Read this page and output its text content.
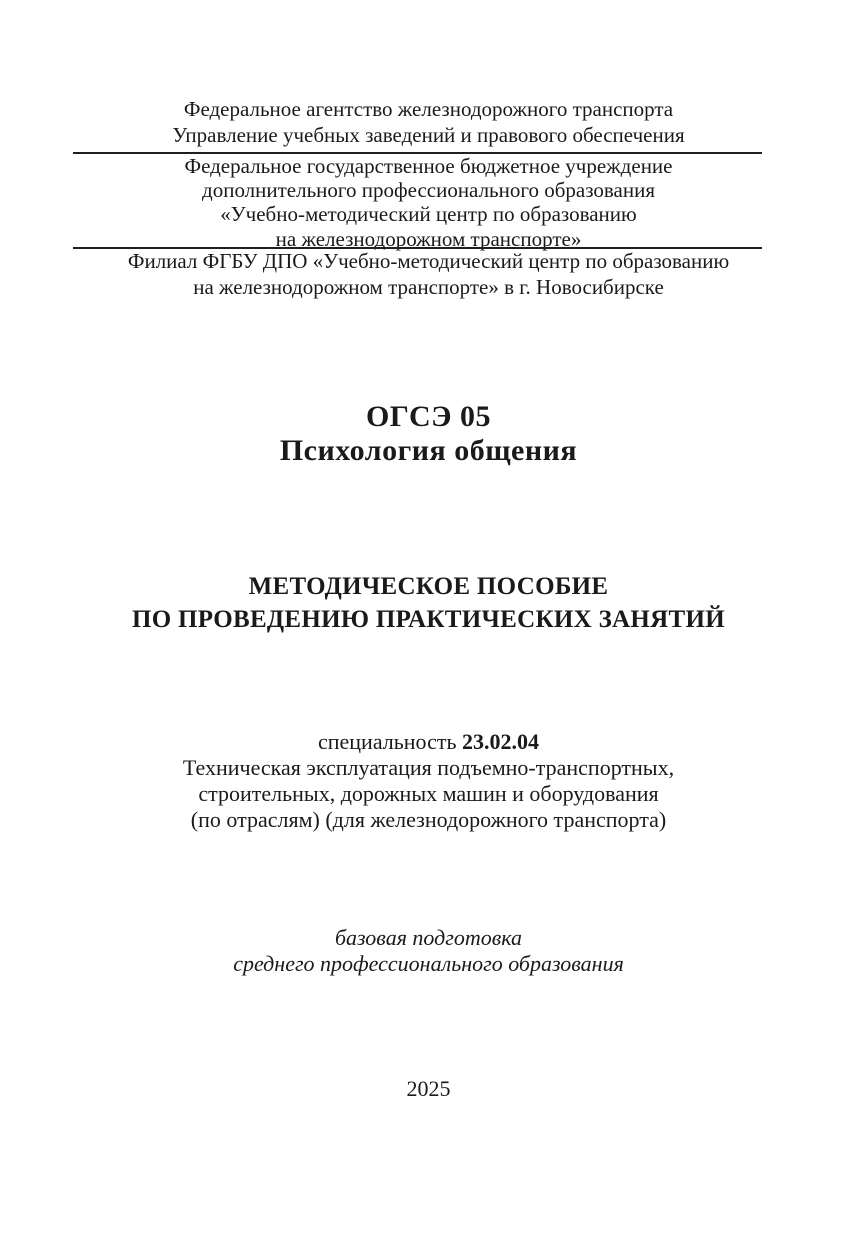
Федеральное агентство железнодорожного транспорта
Управление учебных заведений и правового обеспечения
Федеральное государственное бюджетное учреждение
дополнительного профессионального образования
«Учебно-методический центр по образованию
на железнодорожном транспорте»
Филиал ФГБУ ДПО «Учебно-методический центр по образованию
на железнодорожном транспорте» в г. Новосибирске
ОГСЭ 05
Психология общения
МЕТОДИЧЕСКОЕ ПОСОБИЕ
ПО ПРОВЕДЕНИЮ ПРАКТИЧЕСКИХ ЗАНЯТИЙ
специальность 23.02.04
Техническая эксплуатация подъемно-транспортных,
строительных, дорожных машин и оборудования
(по отраслям) (для железнодорожного транспорта)
базовая подготовка
среднего профессионального образования
2025
